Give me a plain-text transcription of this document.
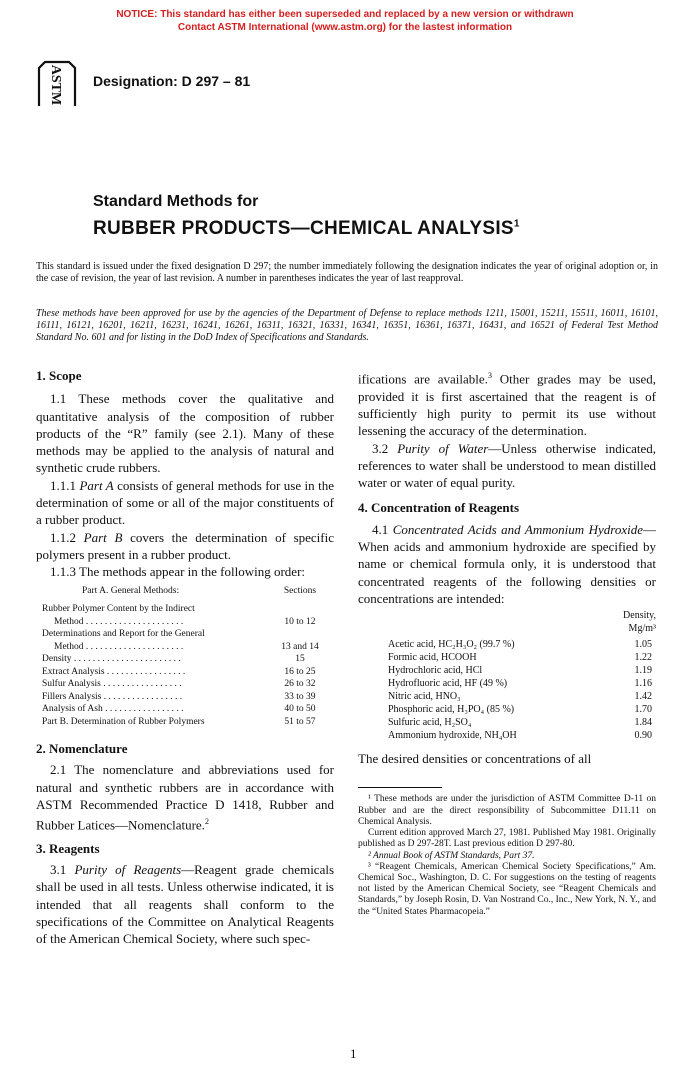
NOTICE: This standard has either been superseded and replaced by a new version or withdrawn
Contact ASTM International (www.astm.org) for the lastest information
ASTM Designation: D 297 – 81
Standard Methods for
RUBBER PRODUCTS—CHEMICAL ANALYSIS$^1$
This standard is issued under the fixed designation D 297; the number immediately following the designation indicates the year of original adoption or, in the case of revision, the year of last revision. A number in parentheses indicates the year of last reapproval.
These methods have been approved for use by the agencies of the Department of Defense to replace methods 1211, 15001, 15211, 15511, 16011, 16101, 16111, 16121, 16201, 16211, 16231, 16241, 16261, 16311, 16321, 16331, 16341, 16351, 16361, 16371, 16431, and 16521 of Federal Test Method Standard No. 601 and for listing in the DoD Index of Specifications and Standards.

1. Scope

1.1 These methods cover the qualitative and quantitative analysis of the composition of rubber products of the “R” family (see 2.1). Many of these methods may be applied to the analysis of natural and synthetic crude rubbers.

1.1.1 Part A consists of general methods for use in the determination of some or all of the major constituents of a rubber product.

1.1.2 Part B covers the determination of specific polymers present in a rubber product.

1.1.3 The methods appear in the following order:

Part A. General Methods:	Sections

Rubber Polymer Content by the Indirect	
Method . . . . . . . . . . . . . . . . . . . . .	10 to 12
Determinations and Report for the General	
Method . . . . . . . . . . . . . . . . . . . . .	13 and 14
Density . . . . . . . . . . . . . . . . . . . . . . .	15
Extract Analysis . . . . . . . . . . . . . . . . .	16 to 25
Sulfur Analysis . . . . . . . . . . . . . . . . .	26 to 32
Fillers Analysis . . . . . . . . . . . . . . . . .	33 to 39
Analysis of Ash . . . . . . . . . . . . . . . . .	40 to 50
Part B. Determination of Rubber Polymers	51 to 57

2. Nomenclature

2.1 The nomenclature and abbreviations used for natural and synthetic rubbers are in accordance with ASTM Recommended Practice D 1418, Rubber and Rubber Latices—Nomenclature.$^2$

3. Reagents

3.1 Purity of Reagents—Reagent grade chemicals shall be used in all tests. Unless otherwise indicated, it is intended that all reagents shall conform to the specifications of the Committee on Analytical Reagents of the American Chemical Society, where such spec-

ifications are available.$^3$ Other grades may be used, provided it is first ascertained that the reagent is of sufficiently high purity to permit its use without lessening the accuracy of the determination.

3.2 Purity of Water—Unless otherwise indicated, references to water shall be understood to mean distilled water or water of equal purity.

4. Concentration of Reagents

4.1 Concentrated Acids and Ammonium Hydroxide—When acids and ammonium hydroxide are specified by name or chemical formula only, it is understood that concentrated reagents of the following densities or concentrations are intended:

	Density,
	Mg/m³
Acetic acid, HC₂H₃O₂ (99.7 %)	1.05
Formic acid, HCOOH	1.22
Hydrochloric acid, HCl	1.19
Hydrofluoric acid, HF (49 %)	1.16
Nitric acid, HNO₃	1.42
Phosphoric acid, H₃PO₄ (85 %)	1.70
Sulfuric acid, H₂SO₄	1.84
Ammonium hydroxide, NH₄OH	0.90

The desired densities or concentrations of all

¹ These methods are under the jurisdiction of ASTM Committee D-11 on Rubber and are the direct responsibility of Subcommittee D11.11 on Chemical Analysis.

Current edition approved March 27, 1981. Published May 1981. Originally published as D 297-28T. Last previous edition D 297-80.

² Annual Book of ASTM Standards, Part 37.

³ “Reagent Chemicals, American Chemical Society Specifications,” Am. Chemical Soc., Washington, D. C. For suggestions on the testing of reagents not listed by the American Chemical Society, see “Reagent Chemicals and Standards,” by Joseph Rosin, D. Van Nostrand Co., Inc., New York, N. Y., and the “United States Pharmacopeia.”

1
